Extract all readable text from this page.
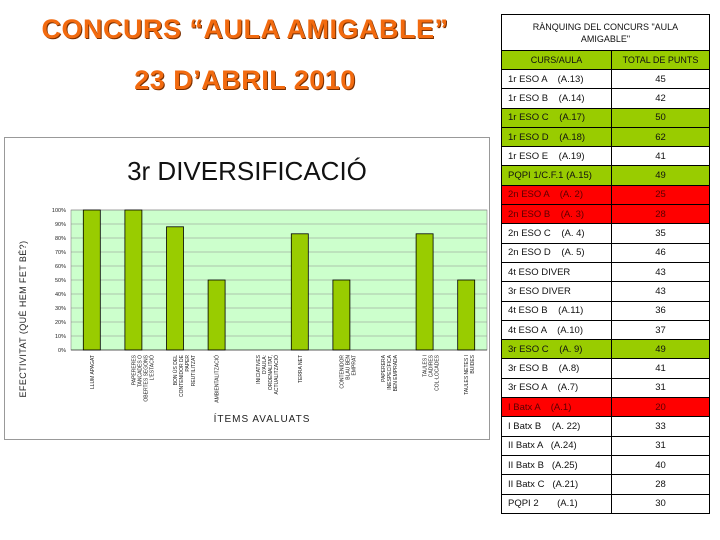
CONCURS “AULA AMIGABLE”
23 D’ABRIL 2010
3r DIVERSIFICACIÓ
EFECTIVITAT (QUÈ HEM FET BÉ?)
ÍTEMS AVALUATS
0%
10%
20%
30%
40%
50%
60%
70%
80%
90%
100%
LLUM APAGAT	PAPERERESTANCADES OOBERTES SEGONSL'ESTACIÓ	BON ÚS DELCONTENIDOR DEPAPERREUTILITZAT	AMBIENTALITZACIÓ	INICIATIVESD'AULA:ORDENALITAT,ACTUALITZACIÓ	TERRA NET	CONTENIDORBLAU BENEMPRAT	PAPERERAINESPECÍFICABEN EMPRADA	TAULES ICADIRESCOL·LOCADES	TAULES NETES IBUIDES
RÀNQUING DEL CONCURS "AULA AMIGABLE"	
CURS/AULA	TOTAL DE PUNTS
1r ESO A    (A.13)	45
1r ESO B    (A.14)	42
1r ESO C    (A.17)	50
1r ESO D    (A.18)	62
1r ESO E    (A.19)	41
PQPI 1/C.F.1 (A.15)	49
2n ESO A    (A. 2)	25
2n ESO B    (A. 3)	28
2n ESO C    (A. 4)	35
2n ESO D    (A. 5)	46
4t ESO DIVER	43
3r ESO DIVER	43
4t ESO B    (A.11)	36
4t ESO A    (A.10)	37
3r ESO C    (A. 9)	49
3r ESO B    (A.8)	41
3r ESO A    (A.7)	31
I Batx A    (A.1)	20
I Batx B    (A. 22)	33
II Batx A   (A.24)	31
II Batx B   (A.25)	40
II Batx C   (A.21)	28
PQPI 2       (A.1)	30
